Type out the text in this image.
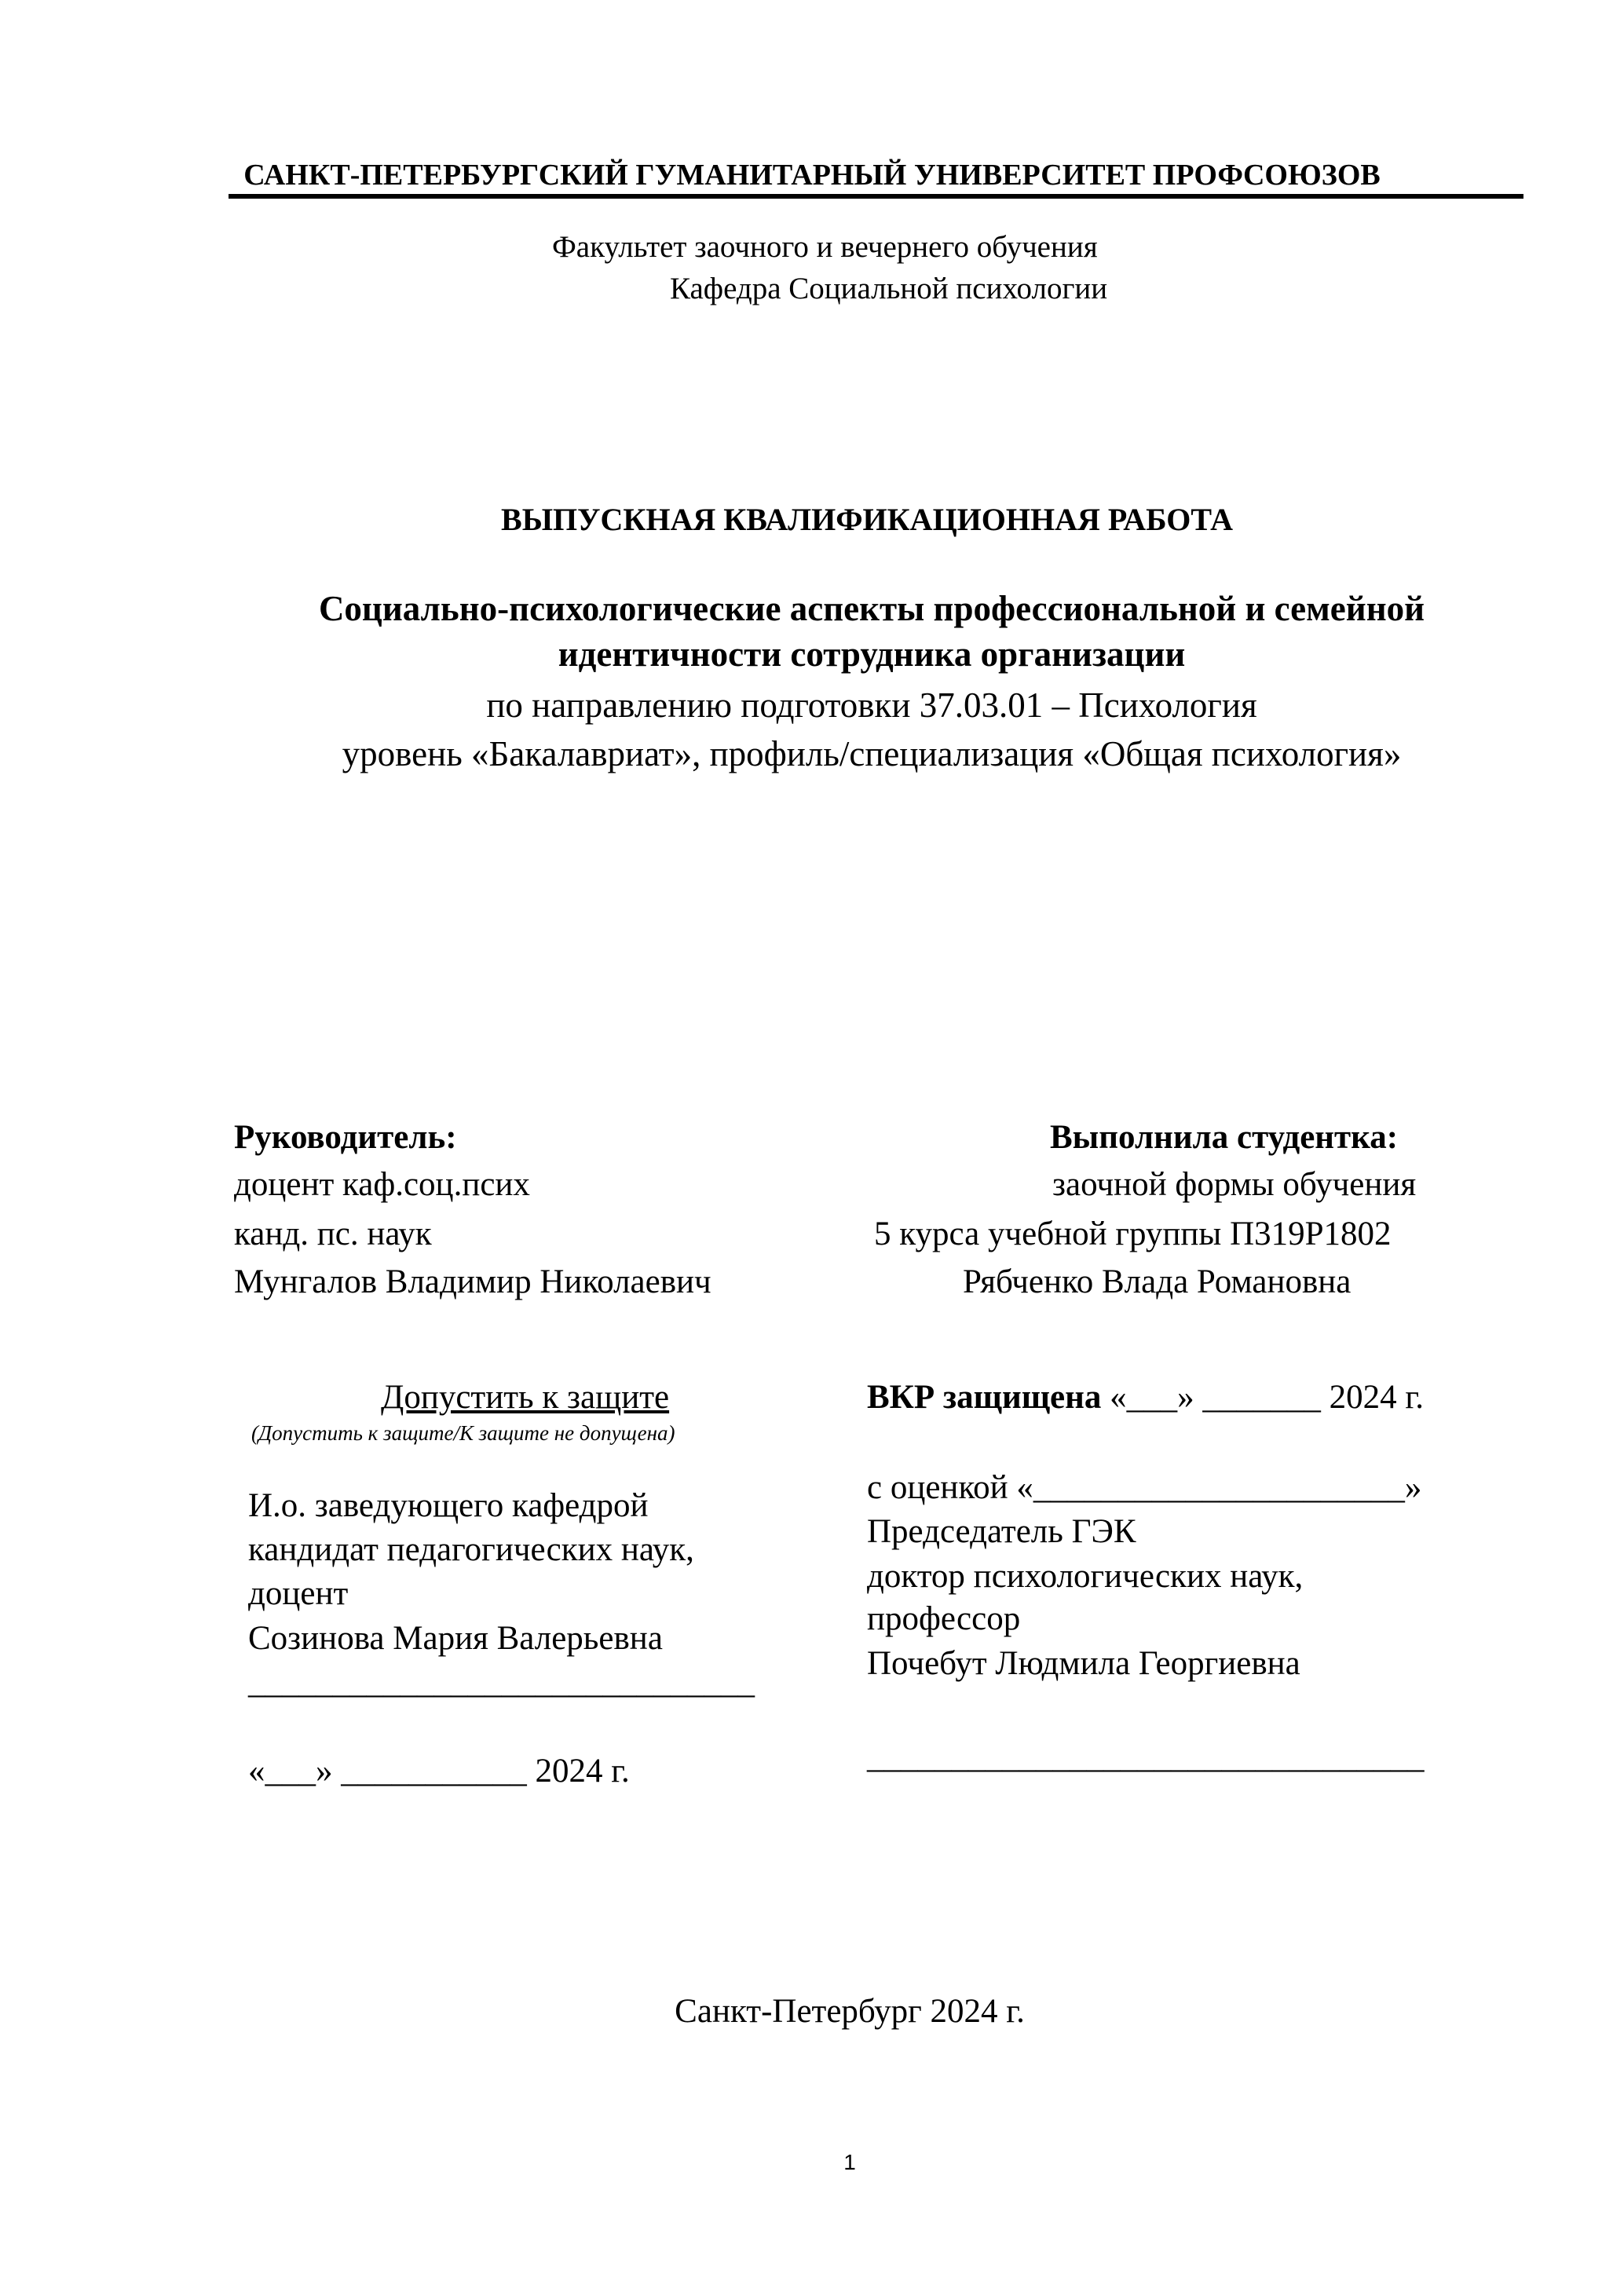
САНКТ-ПЕТЕРБУРГСКИЙ ГУМАНИТАРНЫЙ УНИВЕРСИТЕТ ПРОФСОЮЗОВ
Факультет заочного и вечернего обучения
Кафедра Социальной психологии
ВЫПУСКНАЯ КВАЛИФИКАЦИОННАЯ РАБОТА
Социально-психологические аспекты профессиональной и семейной
идентичности сотрудника организации
по направлению подготовки 37.03.01 – Психология
уровень «Бакалавриат», профиль/специализация «Общая психология»
Руководитель:
доцент каф.соц.псих
канд. пс. наук
Мунгалов Владимир Николаевич
Выполнила студентка:
заочной формы обучения
5 курса учебной группы П319Р1802
Рябченко Влада Романовна
Допустить к защите
(Допустить к защите/К защите не допущена)
И.о. заведующего кафедрой
кандидат педагогических наук,
доцент
Созинова Мария Валерьевна
______________________________
«___» ___________ 2024 г.
ВКР защищена «___» _______ 2024 г.
с оценкой «______________________»
Председатель ГЭК
доктор психологических наук,
профессор
Почебут Людмила Георгиевна
_________________________________
Санкт-Петербург 2024 г.
1
